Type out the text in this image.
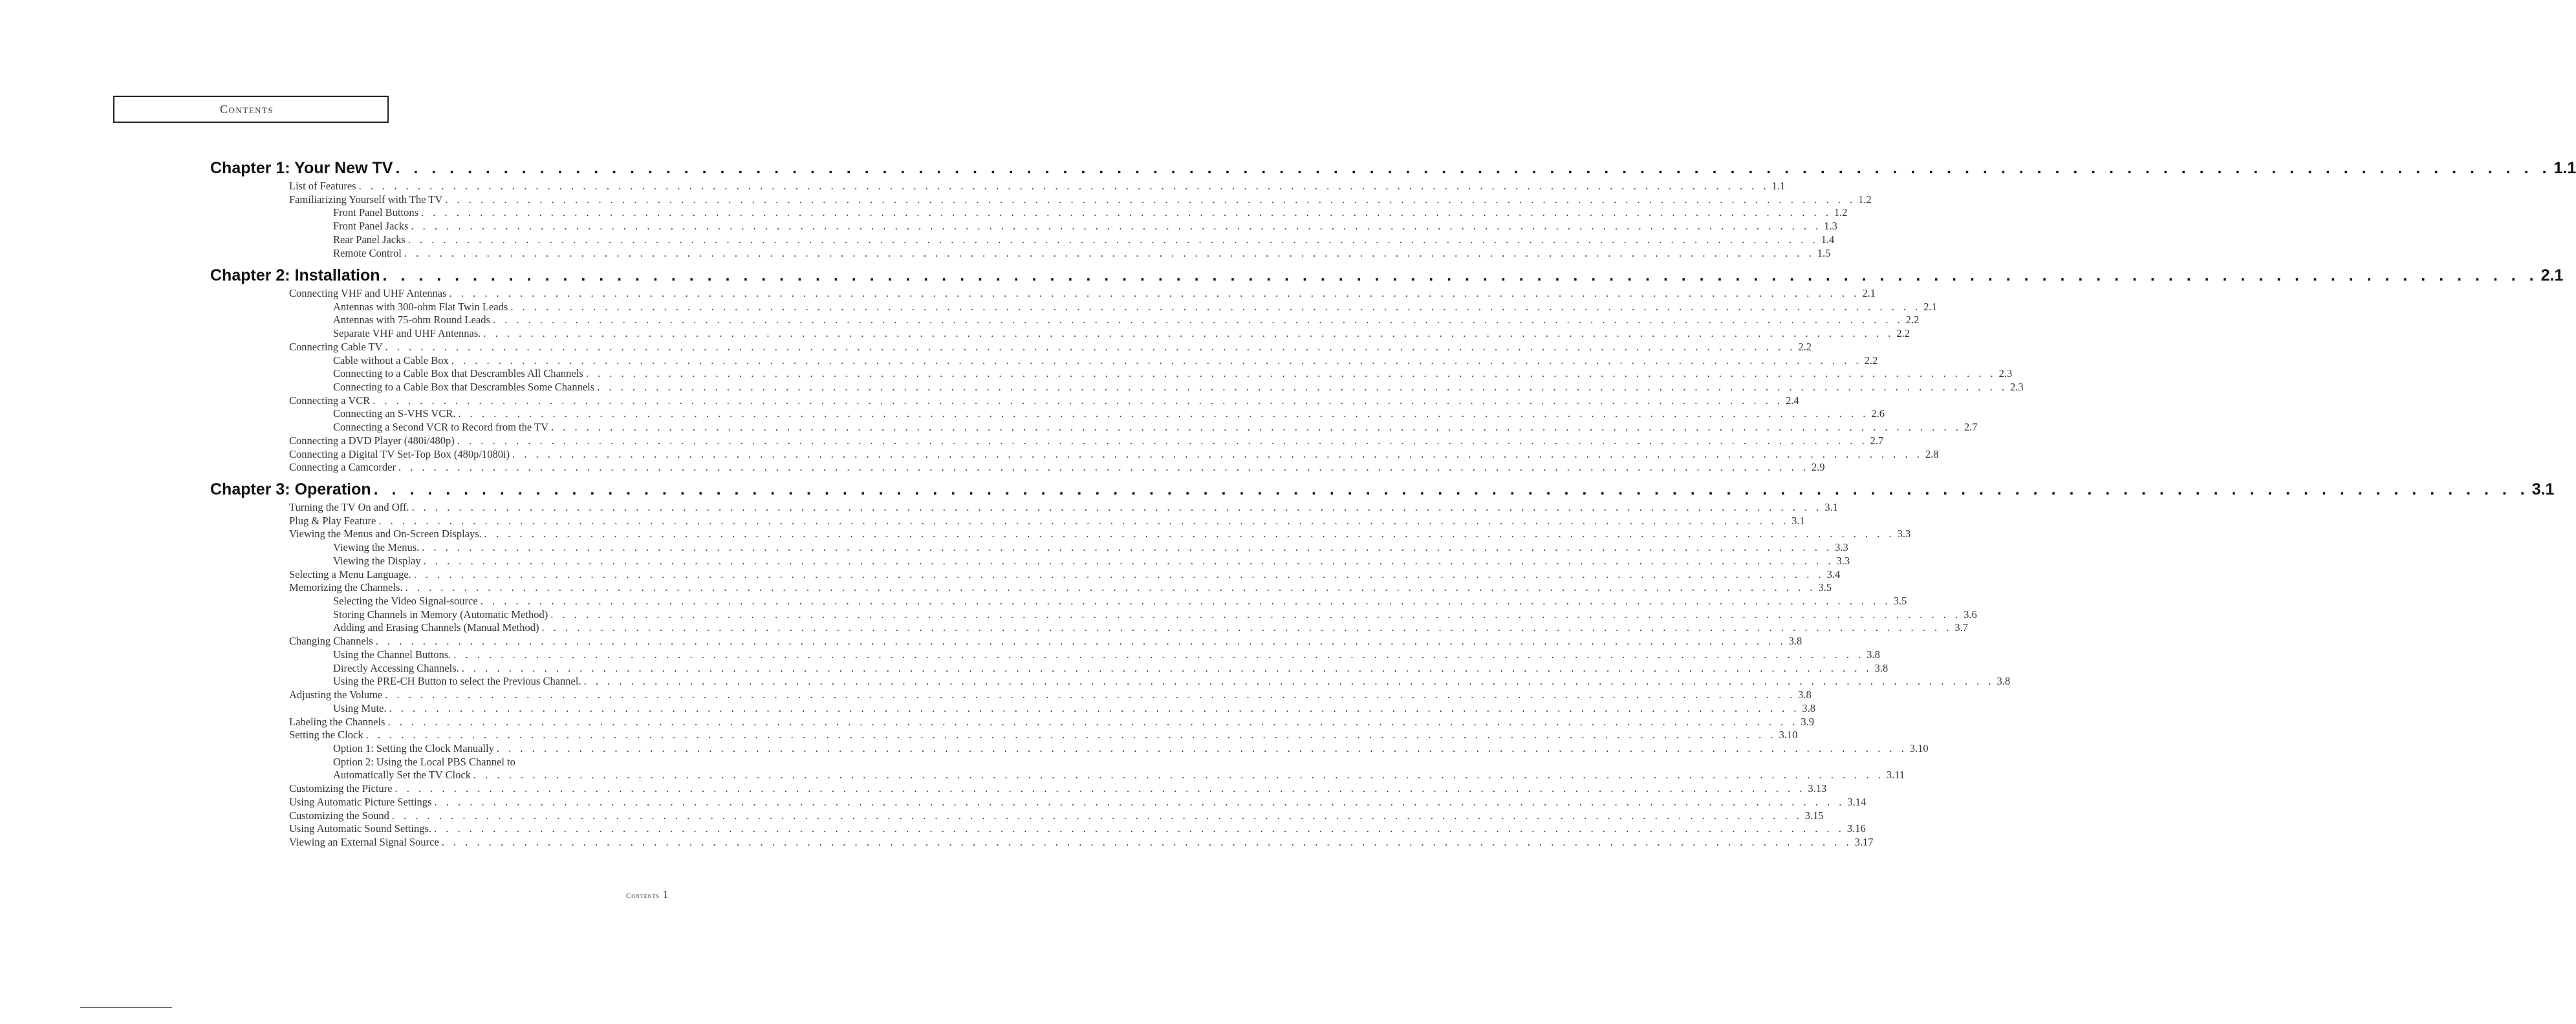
Contents
Chapter 1: Your New TV . . . . . . . . . . . . . . . . . . . . . . . . . . . . . . . . . . . . . . . . . . . . . . . . . . . . . . . . . . . . . . . . . . . . . . . . . . . . . . . . . . . . . . . . . . . . . . . . . . . . . . . . . . . . . . . . . . . . . . . . 1.1
List of Features . . . . . . . . . . . . . . . . . . . . . . . . . . . . . . . . . . . . . . . . . . . . . . . . . . . . . . . . . . . . . . . . . . . . . . . . . . . . . . . . . . . . . . . . . . . . . . . . . . . . . . . . . . . . . . . . . . . . . . . . 1.1
Familiarizing Yourself with The TV . . . . . . . . . . . . . . . . . . . . . . . . . . . . . . . . . . . . . . . . . . . . . . . . . . . . . . . . . . . . . . . . . . . . . . . . . . . . . . . . . . . . . . . . . . . . . . . . . . . . . . . . . . . . . . . . . . . . . . . . 1.2
Front Panel Buttons . . . . . . . . . . . . . . . . . . . . . . . . . . . . . . . . . . . . . . . . . . . . . . . . . . . . . . . . . . . . . . . . . . . . . . . . . . . . . . . . . . . . . . . . . . . . . . . . . . . . . . . . . . . . . . . . . . . . . . . . 1.2
Front Panel Jacks . . . . . . . . . . . . . . . . . . . . . . . . . . . . . . . . . . . . . . . . . . . . . . . . . . . . . . . . . . . . . . . . . . . . . . . . . . . . . . . . . . . . . . . . . . . . . . . . . . . . . . . . . . . . . . . . . . . . . . . . 1.3
Rear Panel Jacks . . . . . . . . . . . . . . . . . . . . . . . . . . . . . . . . . . . . . . . . . . . . . . . . . . . . . . . . . . . . . . . . . . . . . . . . . . . . . . . . . . . . . . . . . . . . . . . . . . . . . . . . . . . . . . . . . . . . . . . . 1.4
Remote Control . . . . . . . . . . . . . . . . . . . . . . . . . . . . . . . . . . . . . . . . . . . . . . . . . . . . . . . . . . . . . . . . . . . . . . . . . . . . . . . . . . . . . . . . . . . . . . . . . . . . . . . . . . . . . . . . . . . . . . . . 1.5
Chapter 2: Installation . . . . . . . . . . . . . . . . . . . . . . . . . . . . . . . . . . . . . . . . . . . . . . . . . . . . . . . . . . . . . . . . . . . . . . . . . . . . . . . . . . . . . . . . . . . . . . . . . . . . . . . . . . . . . . . . . . . . . . . . 2.1
Connecting VHF and UHF Antennas . . . . . . . . . . . . . . . . . . . . . . . . . . . . . . . . . . . . . . . . . . . . . . . . . . . . . . . . . . . . . . . . . . . . . . . . . . . . . . . . . . . . . . . . . . . . . . . . . . . . . . . . . . . . . . . . . . . . . . . . 2.1
Antennas with 300-ohm Flat Twin Leads . . . . . . . . . . . . . . . . . . . . . . . . . . . . . . . . . . . . . . . . . . . . . . . . . . . . . . . . . . . . . . . . . . . . . . . . . . . . . . . . . . . . . . . . . . . . . . . . . . . . . . . . . . . . . . . . . . . . . . . . 2.1
Antennas with 75-ohm Round Leads . . . . . . . . . . . . . . . . . . . . . . . . . . . . . . . . . . . . . . . . . . . . . . . . . . . . . . . . . . . . . . . . . . . . . . . . . . . . . . . . . . . . . . . . . . . . . . . . . . . . . . . . . . . . . . . . . . . . . . . . 2.2
Separate VHF and UHF Antennas. . . . . . . . . . . . . . . . . . . . . . . . . . . . . . . . . . . . . . . . . . . . . . . . . . . . . . . . . . . . . . . . . . . . . . . . . . . . . . . . . . . . . . . . . . . . . . . . . . . . . . . . . . . . . . . . . . . . . . . . . 2.2
Connecting Cable TV . . . . . . . . . . . . . . . . . . . . . . . . . . . . . . . . . . . . . . . . . . . . . . . . . . . . . . . . . . . . . . . . . . . . . . . . . . . . . . . . . . . . . . . . . . . . . . . . . . . . . . . . . . . . . . . . . . . . . . . . 2.2
Cable without a Cable Box . . . . . . . . . . . . . . . . . . . . . . . . . . . . . . . . . . . . . . . . . . . . . . . . . . . . . . . . . . . . . . . . . . . . . . . . . . . . . . . . . . . . . . . . . . . . . . . . . . . . . . . . . . . . . . . . . . . . . . . . 2.2
Connecting to a Cable Box that Descrambles All Channels . . . . . . . . . . . . . . . . . . . . . . . . . . . . . . . . . . . . . . . . . . . . . . . . . . . . . . . . . . . . . . . . . . . . . . . . . . . . . . . . . . . . . . . . . . . . . . . . . . . . . . . . . . . . . . . . . . . . . . . . 2.3
Connecting to a Cable Box that Descrambles Some Channels . . . . . . . . . . . . . . . . . . . . . . . . . . . . . . . . . . . . . . . . . . . . . . . . . . . . . . . . . . . . . . . . . . . . . . . . . . . . . . . . . . . . . . . . . . . . . . . . . . . . . . . . . . . . . . . . . . . . . . . . 2.3
Connecting a VCR . . . . . . . . . . . . . . . . . . . . . . . . . . . . . . . . . . . . . . . . . . . . . . . . . . . . . . . . . . . . . . . . . . . . . . . . . . . . . . . . . . . . . . . . . . . . . . . . . . . . . . . . . . . . . . . . . . . . . . . . 2.4
Connecting an S-VHS VCR. . . . . . . . . . . . . . . . . . . . . . . . . . . . . . . . . . . . . . . . . . . . . . . . . . . . . . . . . . . . . . . . . . . . . . . . . . . . . . . . . . . . . . . . . . . . . . . . . . . . . . . . . . . . . . . . . . . . . . . . . 2.6
Connecting a Second VCR to Record from the TV . . . . . . . . . . . . . . . . . . . . . . . . . . . . . . . . . . . . . . . . . . . . . . . . . . . . . . . . . . . . . . . . . . . . . . . . . . . . . . . . . . . . . . . . . . . . . . . . . . . . . . . . . . . . . . . . . . . . . . . . 2.7
Connecting a DVD Player (480i/480p) . . . . . . . . . . . . . . . . . . . . . . . . . . . . . . . . . . . . . . . . . . . . . . . . . . . . . . . . . . . . . . . . . . . . . . . . . . . . . . . . . . . . . . . . . . . . . . . . . . . . . . . . . . . . . . . . . . . . . . . . 2.7
Connecting a Digital TV Set-Top Box (480p/1080i) . . . . . . . . . . . . . . . . . . . . . . . . . . . . . . . . . . . . . . . . . . . . . . . . . . . . . . . . . . . . . . . . . . . . . . . . . . . . . . . . . . . . . . . . . . . . . . . . . . . . . . . . . . . . . . . . . . . . . . . . 2.8
Connecting a Camcorder . . . . . . . . . . . . . . . . . . . . . . . . . . . . . . . . . . . . . . . . . . . . . . . . . . . . . . . . . . . . . . . . . . . . . . . . . . . . . . . . . . . . . . . . . . . . . . . . . . . . . . . . . . . . . . . . . . . . . . . . 2.9
Chapter 3: Operation . . . . . . . . . . . . . . . . . . . . . . . . . . . . . . . . . . . . . . . . . . . . . . . . . . . . . . . . . . . . . . . . . . . . . . . . . . . . . . . . . . . . . . . . . . . . . . . . . . . . . . . . . . . . . . . . . . . . . . . . 3.1
Turning the TV On and Off. . . . . . . . . . . . . . . . . . . . . . . . . . . . . . . . . . . . . . . . . . . . . . . . . . . . . . . . . . . . . . . . . . . . . . . . . . . . . . . . . . . . . . . . . . . . . . . . . . . . . . . . . . . . . . . . . . . . . . . . . 3.1
Plug & Play Feature . . . . . . . . . . . . . . . . . . . . . . . . . . . . . . . . . . . . . . . . . . . . . . . . . . . . . . . . . . . . . . . . . . . . . . . . . . . . . . . . . . . . . . . . . . . . . . . . . . . . . . . . . . . . . . . . . . . . . . . . 3.1
Viewing the Menus and On-Screen Displays. . . . . . . . . . . . . . . . . . . . . . . . . . . . . . . . . . . . . . . . . . . . . . . . . . . . . . . . . . . . . . . . . . . . . . . . . . . . . . . . . . . . . . . . . . . . . . . . . . . . . . . . . . . . . . . . . . . . . . . . . 3.3
Viewing the Menus. . . . . . . . . . . . . . . . . . . . . . . . . . . . . . . . . . . . . . . . . . . . . . . . . . . . . . . . . . . . . . . . . . . . . . . . . . . . . . . . . . . . . . . . . . . . . . . . . . . . . . . . . . . . . . . . . . . . . . . . . 3.3
Viewing the Display . . . . . . . . . . . . . . . . . . . . . . . . . . . . . . . . . . . . . . . . . . . . . . . . . . . . . . . . . . . . . . . . . . . . . . . . . . . . . . . . . . . . . . . . . . . . . . . . . . . . . . . . . . . . . . . . . . . . . . . . 3.3
Selecting a Menu Language. . . . . . . . . . . . . . . . . . . . . . . . . . . . . . . . . . . . . . . . . . . . . . . . . . . . . . . . . . . . . . . . . . . . . . . . . . . . . . . . . . . . . . . . . . . . . . . . . . . . . . . . . . . . . . . . . . . . . . . . . 3.4
Memorizing the Channels. . . . . . . . . . . . . . . . . . . . . . . . . . . . . . . . . . . . . . . . . . . . . . . . . . . . . . . . . . . . . . . . . . . . . . . . . . . . . . . . . . . . . . . . . . . . . . . . . . . . . . . . . . . . . . . . . . . . . . . . . 3.5
Selecting the Video Signal-source . . . . . . . . . . . . . . . . . . . . . . . . . . . . . . . . . . . . . . . . . . . . . . . . . . . . . . . . . . . . . . . . . . . . . . . . . . . . . . . . . . . . . . . . . . . . . . . . . . . . . . . . . . . . . . . . . . . . . . . . 3.5
Storing Channels in Memory (Automatic Method) . . . . . . . . . . . . . . . . . . . . . . . . . . . . . . . . . . . . . . . . . . . . . . . . . . . . . . . . . . . . . . . . . . . . . . . . . . . . . . . . . . . . . . . . . . . . . . . . . . . . . . . . . . . . . . . . . . . . . . . . 3.6
Adding and Erasing Channels (Manual Method) . . . . . . . . . . . . . . . . . . . . . . . . . . . . . . . . . . . . . . . . . . . . . . . . . . . . . . . . . . . . . . . . . . . . . . . . . . . . . . . . . . . . . . . . . . . . . . . . . . . . . . . . . . . . . . . . . . . . . . . . 3.7
Changing Channels . . . . . . . . . . . . . . . . . . . . . . . . . . . . . . . . . . . . . . . . . . . . . . . . . . . . . . . . . . . . . . . . . . . . . . . . . . . . . . . . . . . . . . . . . . . . . . . . . . . . . . . . . . . . . . . . . . . . . . . . 3.8
Using the Channel Buttons. . . . . . . . . . . . . . . . . . . . . . . . . . . . . . . . . . . . . . . . . . . . . . . . . . . . . . . . . . . . . . . . . . . . . . . . . . . . . . . . . . . . . . . . . . . . . . . . . . . . . . . . . . . . . . . . . . . . . . . . . 3.8
Directly Accessing Channels. . . . . . . . . . . . . . . . . . . . . . . . . . . . . . . . . . . . . . . . . . . . . . . . . . . . . . . . . . . . . . . . . . . . . . . . . . . . . . . . . . . . . . . . . . . . . . . . . . . . . . . . . . . . . . . . . . . . . . . . . 3.8
Using the PRE-CH Button to select the Previous Channel. . . . . . . . . . . . . . . . . . . . . . . . . . . . . . . . . . . . . . . . . . . . . . . . . . . . . . . . . . . . . . . . . . . . . . . . . . . . . . . . . . . . . . . . . . . . . . . . . . . . . . . . . . . . . . . . . . . . . . . . . 3.8
Adjusting the Volume . . . . . . . . . . . . . . . . . . . . . . . . . . . . . . . . . . . . . . . . . . . . . . . . . . . . . . . . . . . . . . . . . . . . . . . . . . . . . . . . . . . . . . . . . . . . . . . . . . . . . . . . . . . . . . . . . . . . . . . . 3.8
Using Mute. . . . . . . . . . . . . . . . . . . . . . . . . . . . . . . . . . . . . . . . . . . . . . . . . . . . . . . . . . . . . . . . . . . . . . . . . . . . . . . . . . . . . . . . . . . . . . . . . . . . . . . . . . . . . . . . . . . . . . . . . 3.8
Labeling the Channels . . . . . . . . . . . . . . . . . . . . . . . . . . . . . . . . . . . . . . . . . . . . . . . . . . . . . . . . . . . . . . . . . . . . . . . . . . . . . . . . . . . . . . . . . . . . . . . . . . . . . . . . . . . . . . . . . . . . . . . . 3.9
Setting the Clock . . . . . . . . . . . . . . . . . . . . . . . . . . . . . . . . . . . . . . . . . . . . . . . . . . . . . . . . . . . . . . . . . . . . . . . . . . . . . . . . . . . . . . . . . . . . . . . . . . . . . . . . . . . . . . . . . . . . . . . . 3.10
Option 1: Setting the Clock Manually . . . . . . . . . . . . . . . . . . . . . . . . . . . . . . . . . . . . . . . . . . . . . . . . . . . . . . . . . . . . . . . . . . . . . . . . . . . . . . . . . . . . . . . . . . . . . . . . . . . . . . . . . . . . . . . . . . . . . . . . 3.10
Option 2: Using the Local PBS Channel to
Automatically Set the TV Clock . . . . . . . . . . . . . . . . . . . . . . . . . . . . . . . . . . . . . . . . . . . . . . . . . . . . . . . . . . . . . . . . . . . . . . . . . . . . . . . . . . . . . . . . . . . . . . . . . . . . . . . . . . . . . . . . . . . . . . . . 3.11
Customizing the Picture . . . . . . . . . . . . . . . . . . . . . . . . . . . . . . . . . . . . . . . . . . . . . . . . . . . . . . . . . . . . . . . . . . . . . . . . . . . . . . . . . . . . . . . . . . . . . . . . . . . . . . . . . . . . . . . . . . . . . . . . 3.13
Using Automatic Picture Settings . . . . . . . . . . . . . . . . . . . . . . . . . . . . . . . . . . . . . . . . . . . . . . . . . . . . . . . . . . . . . . . . . . . . . . . . . . . . . . . . . . . . . . . . . . . . . . . . . . . . . . . . . . . . . . . . . . . . . . . . 3.14
Customizing the Sound . . . . . . . . . . . . . . . . . . . . . . . . . . . . . . . . . . . . . . . . . . . . . . . . . . . . . . . . . . . . . . . . . . . . . . . . . . . . . . . . . . . . . . . . . . . . . . . . . . . . . . . . . . . . . . . . . . . . . . . . 3.15
Using Automatic Sound Settings. . . . . . . . . . . . . . . . . . . . . . . . . . . . . . . . . . . . . . . . . . . . . . . . . . . . . . . . . . . . . . . . . . . . . . . . . . . . . . . . . . . . . . . . . . . . . . . . . . . . . . . . . . . . . . . . . . . . . . . . . 3.16
Viewing an External Signal Source . . . . . . . . . . . . . . . . . . . . . . . . . . . . . . . . . . . . . . . . . . . . . . . . . . . . . . . . . . . . . . . . . . . . . . . . . . . . . . . . . . . . . . . . . . . . . . . . . . . . . . . . . . . . . . . . . . . . . . . . 3.17
Contents 1
